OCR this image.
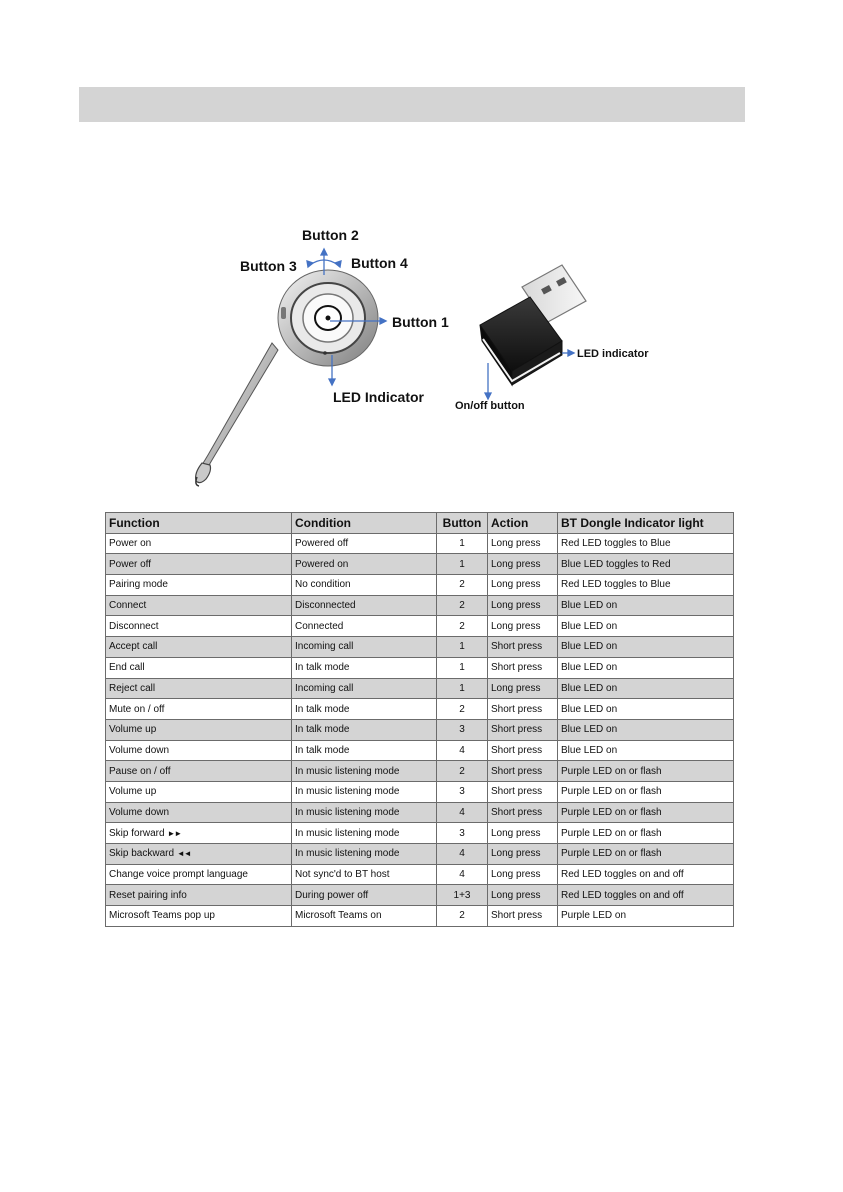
Button 2
Button 3	Button 4
Button 1
LED Indicator
LED indicator
On/off button
Function	Condition	Button	Action	BT Dongle Indicator light
Power on	Powered off	1	Long press	Red LED toggles to Blue
Power off	Powered on	1	Long press	Blue LED toggles to Red
Pairing mode	No condition	2	Long press	Red LED toggles to Blue
Connect	Disconnected	2	Long press	Blue LED on
Disconnect	Connected	2	Long press	Blue LED on
Accept call	Incoming call	1	Short press	Blue LED on
End call	In talk mode	1	Short press	Blue LED on
Reject call	Incoming call	1	Long press	Blue LED on
Mute on / off	In talk mode	2	Short press	Blue LED on
Volume up	In talk mode	3	Short press	Blue LED on
Volume down	In talk mode	4	Short press	Blue LED on
Pause on / off	In music listening mode	2	Short press	Purple LED on or flash
Volume up	In music listening mode	3	Short press	Purple LED on or flash
Volume down	In music listening mode	4	Short press	Purple LED on or flash
Skip forward ►►	In music listening mode	3	Long press	Purple LED on or flash
Skip backward ◄◄	In music listening mode	4	Long press	Purple LED on or flash
Change voice prompt language	Not sync'd to BT host	4	Long press	Red LED toggles on and off
Reset pairing info	During power off	1+3	Long press	Red LED toggles on and off
Microsoft Teams pop up	Microsoft Teams on	2	Short press	Purple LED on
